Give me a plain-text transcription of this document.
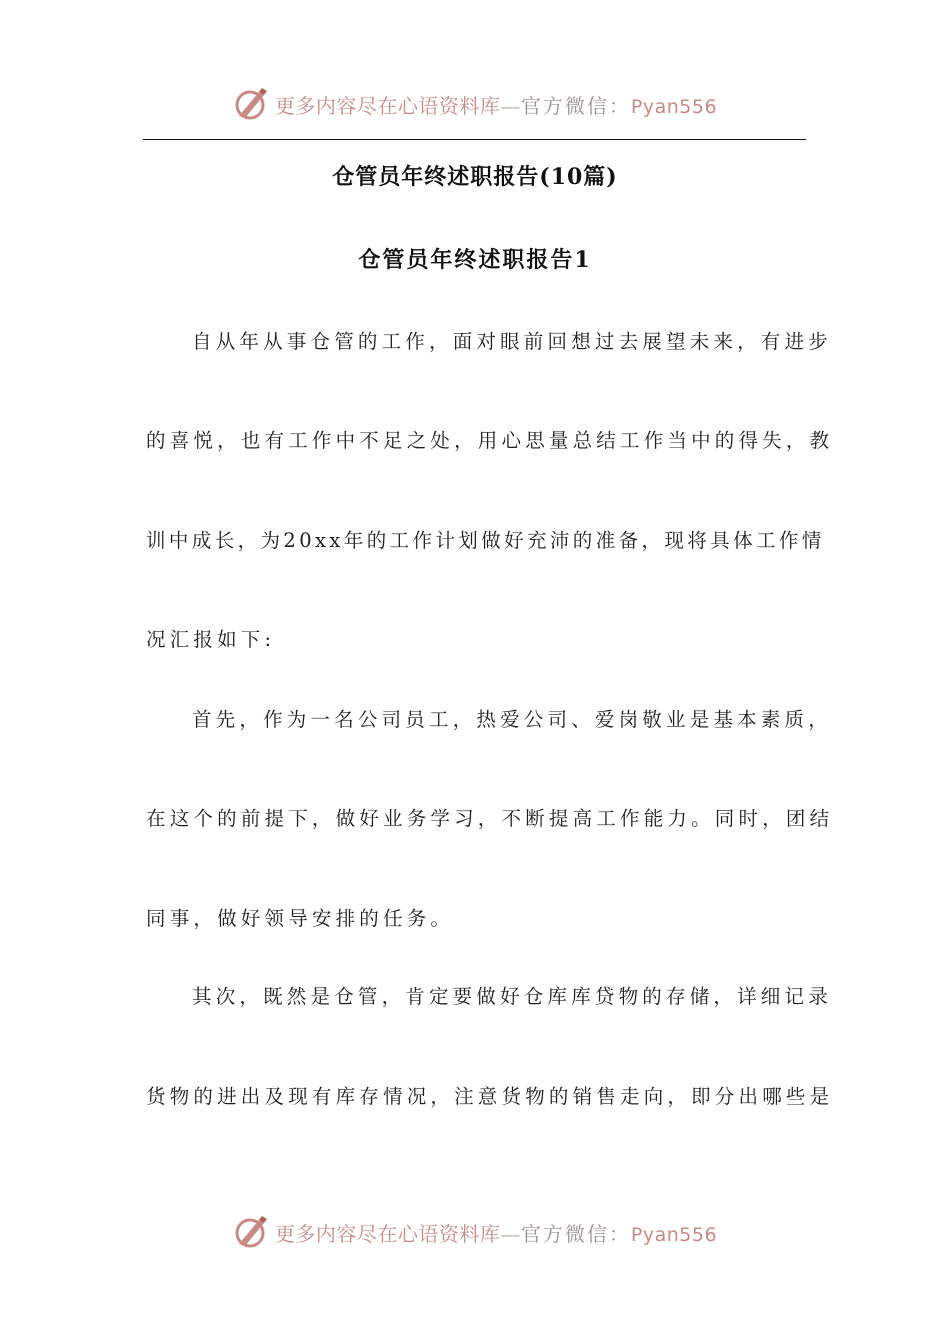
更多内容尽在心语资料库—官方微信：Pyan556
仓管员年终述职报告(10篇)
仓管员年终述职报告1
自从年从事仓管的工作，面对眼前回想过去展望未来，有进步
的喜悦，也有工作中不足之处，用心思量总结工作当中的得失，教
训中成长，为20xx年的工作计划做好充沛的准备，现将具体工作情
况汇报如下:
首先，作为一名公司员工，热爱公司、爱岗敬业是基本素质，
在这个的前提下，做好业务学习，不断提高工作能力。同时，团结
同事，做好领导安排的任务。
其次，既然是仓管，肯定要做好仓库库贷物的存储，详细记录
货物的进出及现有库存情况，注意货物的销售走向，即分出哪些是
更多内容尽在心语资料库—官方微信：Pyan556
